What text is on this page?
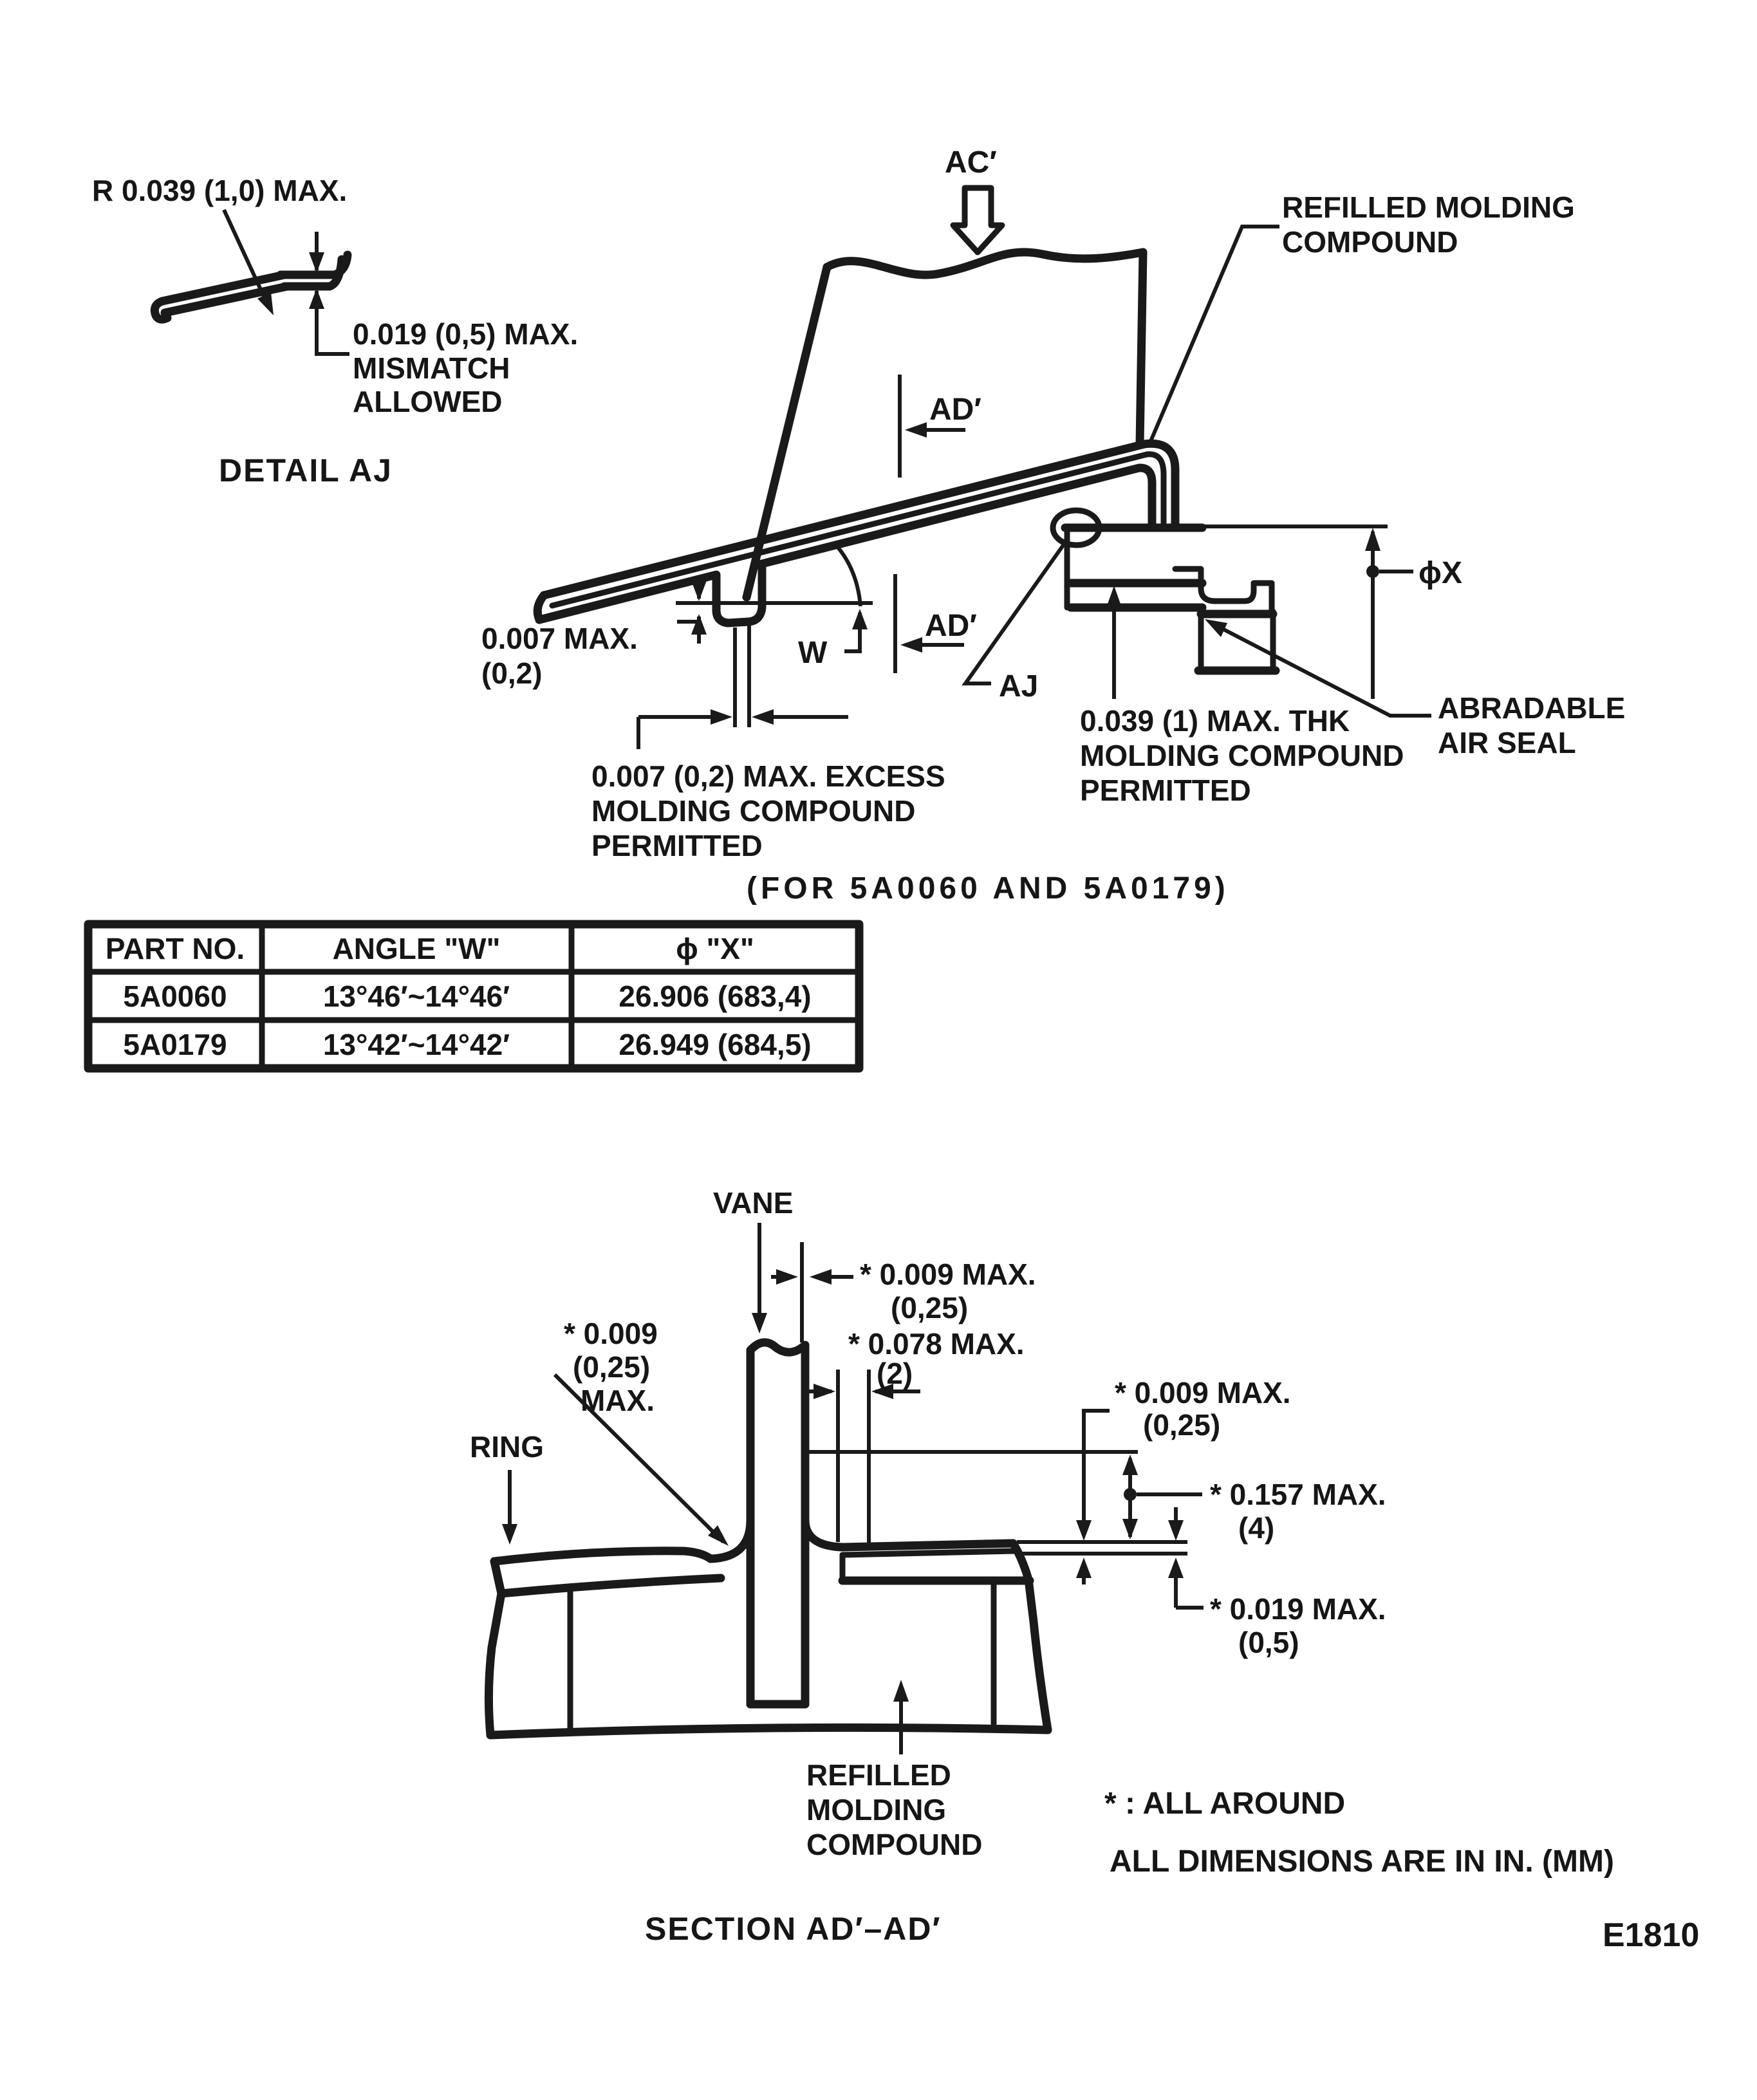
R 0.039 (1,0) MAX.
0.019 (0,5) MAX.
MISMATCH
ALLOWED
DETAIL AJ
AC′
0.007 MAX.
(0,2)
0.007 (0,2) MAX. EXCESS
MOLDING COMPOUND
PERMITTED
AD′
AD′
W
AJ
REFILLED MOLDING
COMPOUND
ϕX
ABRADABLE
AIR SEAL
0.039 (1) MAX. THK
MOLDING COMPOUND
PERMITTED
(FOR 5A0060 AND 5A0179)
PART NO.	ANGLE "W"	ϕ "X"
5A0060	13°46′~14°46′	26.906 (683,4)
5A0179	13°42′~14°42′	26.949 (684,5)
VANE
* 0.009 MAX.
(0,25)
* 0.078 MAX.
(2)
* 0.009
(0,25)
MAX.
RING
* 0.009 MAX.
(0,25)
* 0.157 MAX.
(4)
* 0.019 MAX.
(0,5)
REFILLED
MOLDING
COMPOUND
SECTION AD′–AD′
* : ALL AROUND
ALL DIMENSIONS ARE IN IN. (MM)
E1810
